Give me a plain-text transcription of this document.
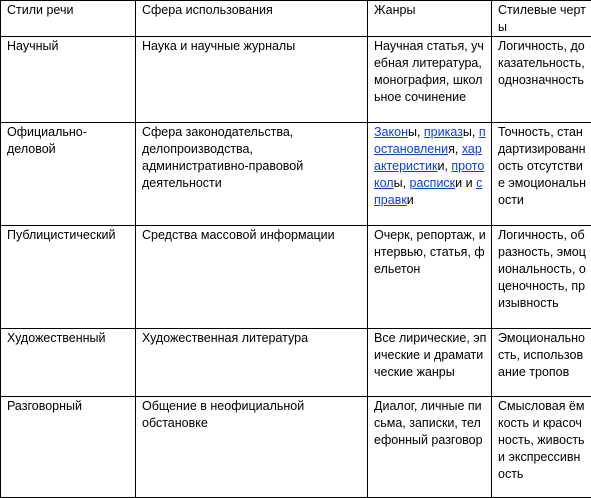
Стили речи	Сфера использования	Жанры	Стилевые черты
Научный	Наука и научные журналы	Научная статья, учебная литература, монография, школьное сочинение	Логичность, доказательность, однозначность
Официально-деловой	Сфера законодательства, делопроизводства, административно-правовой деятельности	Законы, приказы, постановления, характеристики, протоколы, расписки и справки	Точность, стандартизированность отсутствие эмоциональности
Публицистический	Средства массовой информации	Очерк, репортаж, интервью, статья, фельетон	Логичность, образность, эмоциональность, оценочность, призывность
Художественный	Художественная литература	Все лирические, эпические и драматические жанры	Эмоциональность, использование тропов
Разговорный	Общение в неофициальной обстановке	Диалог, личные письма, записки, телефонный разговор	Смысловая ёмкость и красочность, живость и экспрессивность
